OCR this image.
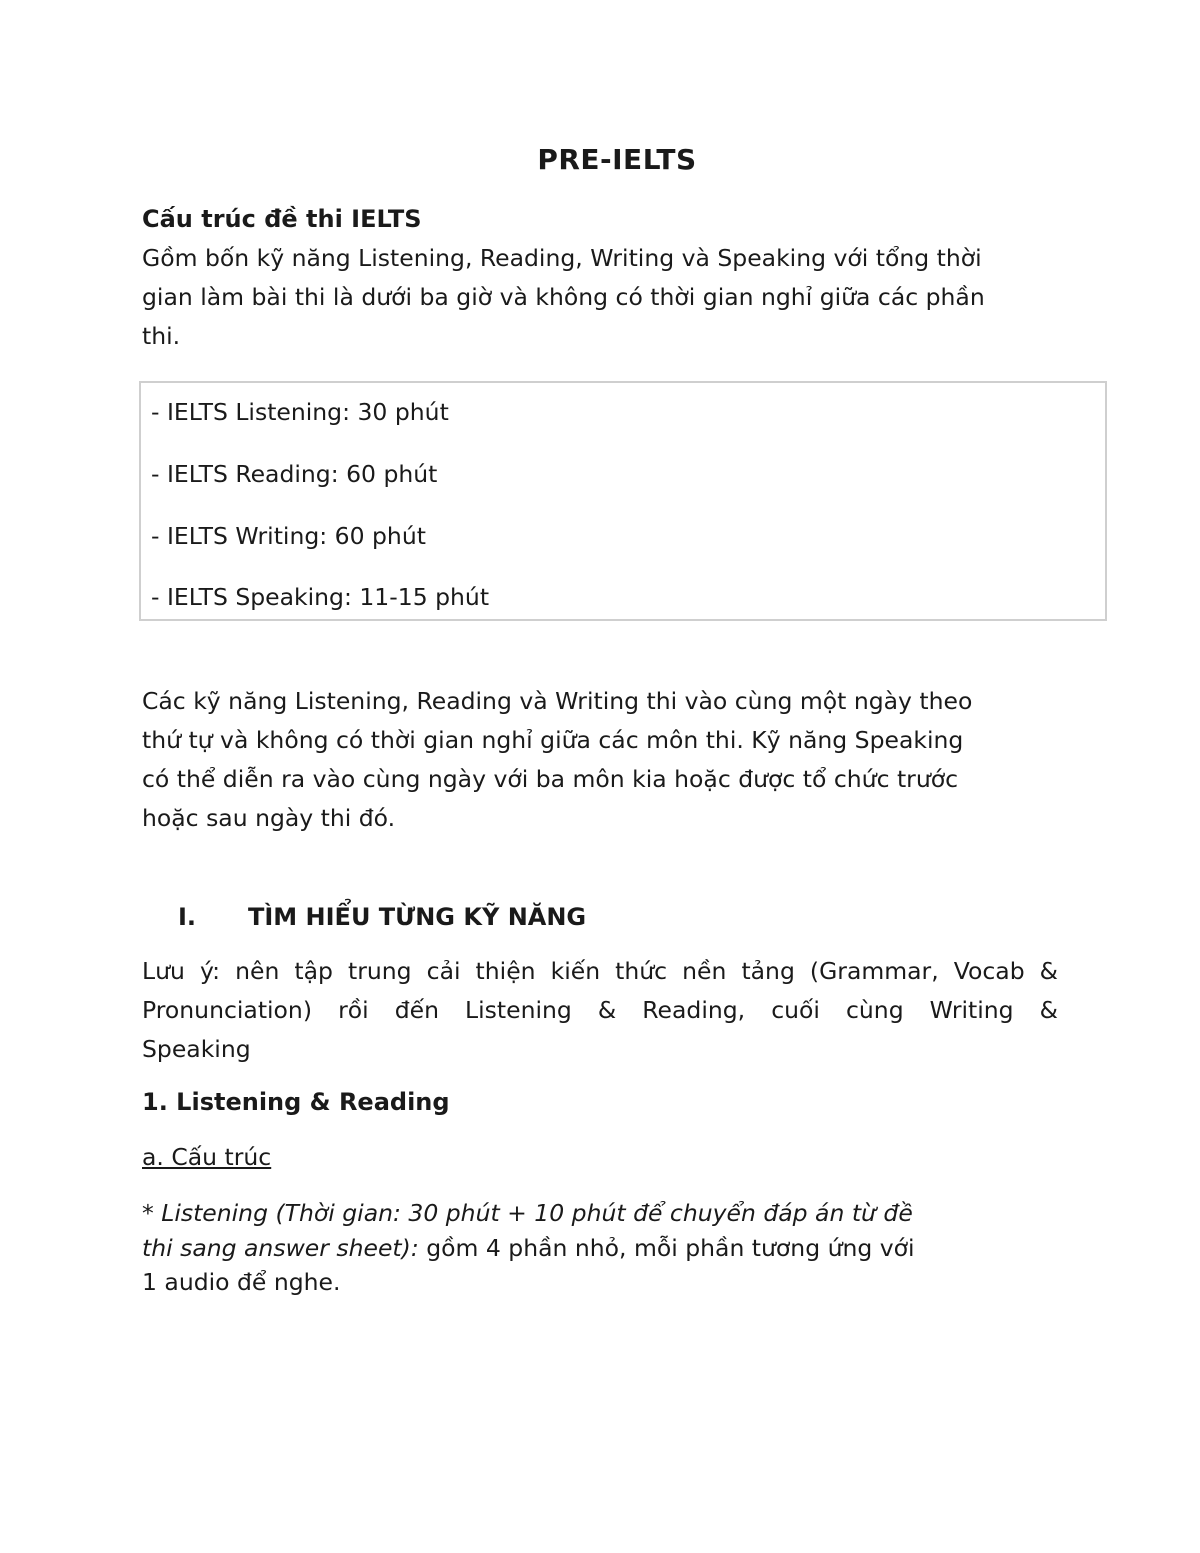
PRE-IELTS
Cấu trúc đề thi IELTS
Gồm bốn kỹ năng Listening, Reading, Writing và Speaking với tổng thời
gian làm bài thi là dưới ba giờ và không có thời gian nghỉ giữa các phần
thi.
- IELTS Listening: 30 phút
- IELTS Reading: 60 phút
- IELTS Writing: 60 phút
- IELTS Speaking: 11-15 phút
Các kỹ năng Listening, Reading và Writing thi vào cùng một ngày theo
thứ tự và không có thời gian nghỉ giữa các môn thi. Kỹ năng Speaking
có thể diễn ra vào cùng ngày với ba môn kia hoặc được tổ chức trước
hoặc sau ngày thi đó.
I. TÌM HIỂU TỪNG KỸ NĂNG
Lưu ý: nên tập trung cải thiện kiến thức nền tảng (Grammar, Vocab &
Pronunciation) rồi đến Listening & Reading, cuối cùng Writing &
Speaking
1. Listening & Reading
a. Cấu trúc
* Listening (Thời gian: 30 phút + 10 phút để chuyển đáp án từ đề
thi sang answer sheet): gồm 4 phần nhỏ, mỗi phần tương ứng với
1 audio để nghe.
